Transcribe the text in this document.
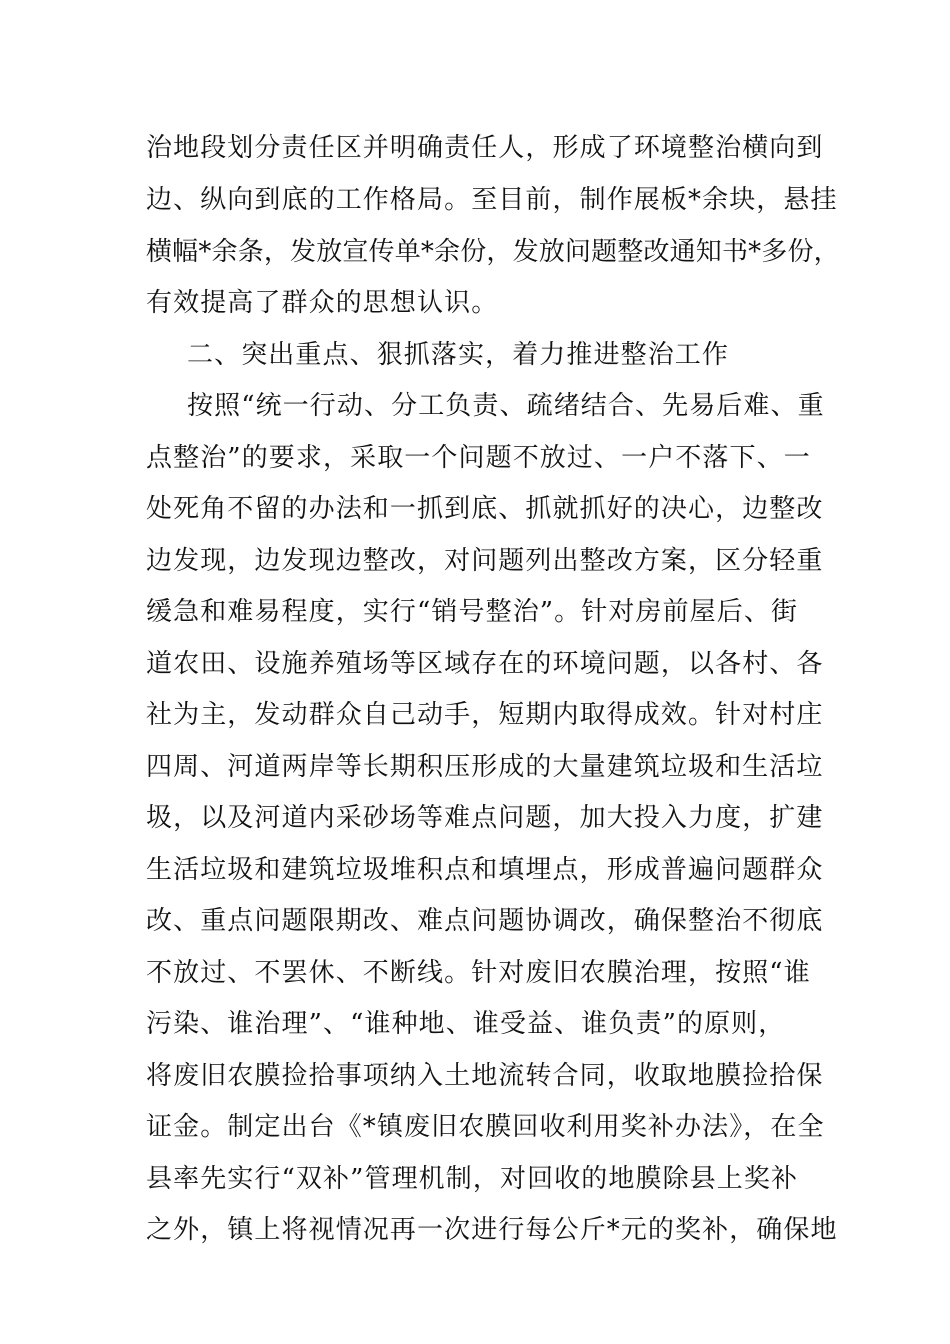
治地段划分责任区并明确责任人，形成了环境整治横向到
边、纵向到底的工作格局。至目前，制作展板*余块，悬挂
横幅*余条，发放宣传单*余份，发放问题整改通知书*多份，
有效提高了群众的思想认识。
二、突出重点、狠抓落实，着力推进整治工作
按照“统一行动、分工负责、疏绪结合、先易后难、重
点整治”的要求，采取一个问题不放过、一户不落下、一
处死角不留的办法和一抓到底、抓就抓好的决心，边整改
边发现，边发现边整改，对问题列出整改方案，区分轻重
缓急和难易程度，实行“销号整治”。针对房前屋后、街
道农田、设施养殖场等区域存在的环境问题，以各村、各
社为主，发动群众自己动手，短期内取得成效。针对村庄
四周、河道两岸等长期积压形成的大量建筑垃圾和生活垃
圾，以及河道内采砂场等难点问题，加大投入力度，扩建
生活垃圾和建筑垃圾堆积点和填埋点，形成普遍问题群众
改、重点问题限期改、难点问题协调改，确保整治不彻底
不放过、不罢休、不断线。针对废旧农膜治理，按照“谁
污染、谁治理”、“谁种地、谁受益、谁负责”的原则，
将废旧农膜捡拾事项纳入土地流转合同，收取地膜捡拾保
证金。制定出台《*镇废旧农膜回收利用奖补办法》，在全
县率先实行“双补”管理机制，对回收的地膜除县上奖补
之外，镇上将视情况再一次进行每公斤*元的奖补，确保地
